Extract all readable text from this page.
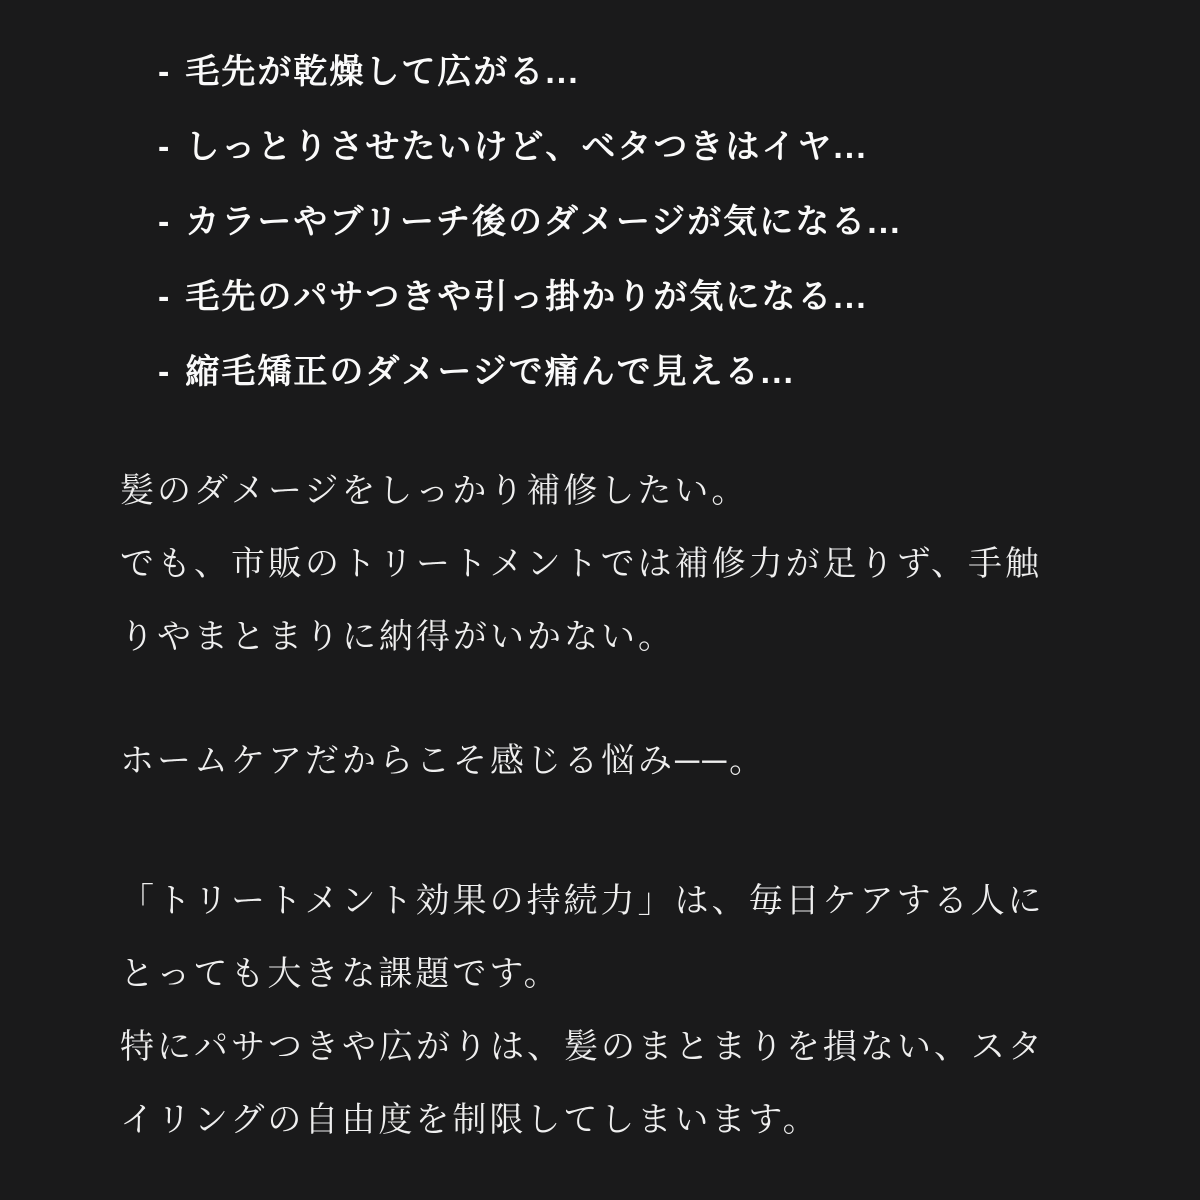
- 毛先が乾燥して広がる...
- しっとりさせたいけど、ベタつきはイヤ...
- カラーやブリーチ後のダメージが気になる...
- 毛先のパサつきや引っ掛かりが気になる...
- 縮毛矯正のダメージで痛んで見える...
髪のダメージをしっかり補修したい。
でも、市販のトリートメントでは補修力が足りず、手触
りやまとまりに納得がいかない。
ホームケアだからこそ感じる悩み──。
「トリートメント効果の持続力」は、毎日ケアする人に
とっても大きな課題です。
特にパサつきや広がりは、髪のまとまりを損ない、スタ
イリングの自由度を制限してしまいます。
